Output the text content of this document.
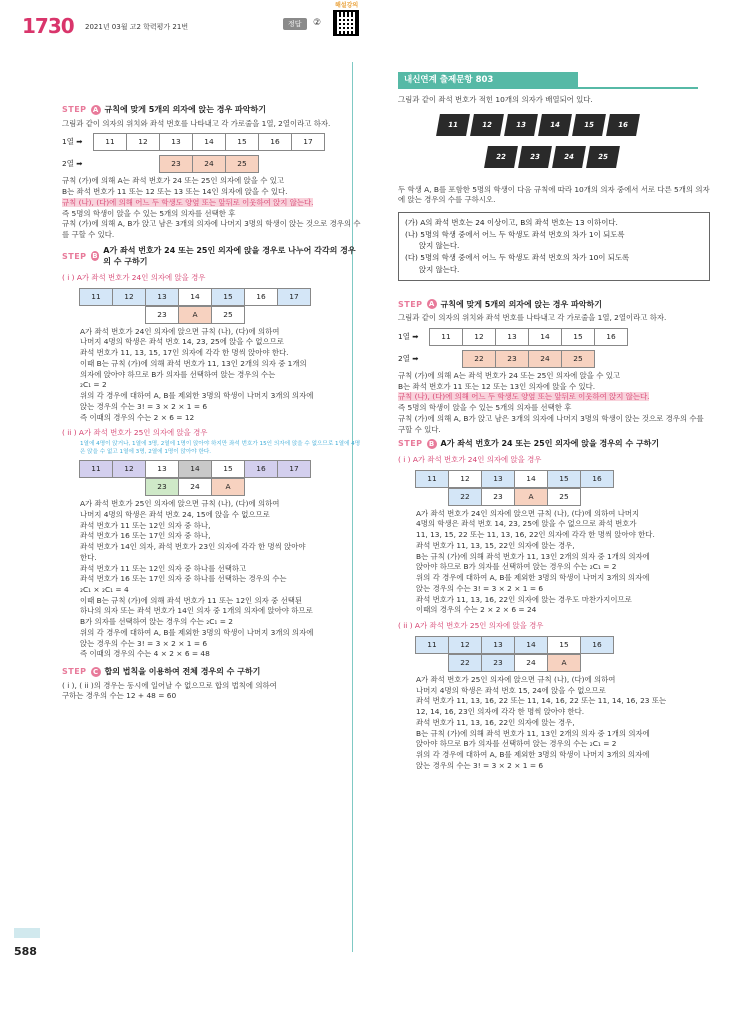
1730 2021년 03월 고2 학력평가 21번	정답	②
해설강의
STEP A 규칙에 맞게 5개의 의자에 앉는 경우 파악하기
그림과 같이 의자의 위치와 좌석 번호를 나타내고 각 가로줄을 1열, 2열이라고 하자.
1열 ➡	11	12	13	14	15	16	17
2열 ➡	23	24	25
규칙 (가)에 의해 A는 좌석 번호가 24 또는 25인 의자에 앉을 수 있고
B는 좌석 번호가 11 또는 12 또는 13 또는 14인 의자에 앉을 수 있다.
규칙 (나), (다)에 의해 어느 두 학생도 양옆 또는 앞뒤로 이웃하여 앉지 않는다.
즉 5명의 학생이 앉을 수 있는 5개의 의자를 선택한 후
규칙 (가)에 의해 A, B가 앉고 남은 3개의 의자에 나머지 3명의 학생이 앉는 것으로 경우의 수를 구할 수 있다.
STEP B
A가 좌석 번호가 24 또는 25인 의자에 앉을 경우로 나누어 각각의 경우의 수 구하기
( i ) A가 좌석 번호가 24인 의자에 앉을 경우
11	12	13	14	15	16	17
23	A	25
A가 좌석 번호가 24인 의자에 앉으면 규칙 (나), (다)에 의하여
나머지 4명의 학생은 좌석 번호 14, 23, 25에 앉을 수 없으므로
좌석 번호가 11, 13, 15, 17인 의자에 각각 한 명씩 앉아야 한다.
이때 B는 규칙 (가)에 의해 좌석 번호가 11, 13인 2개의 의자 중 1개의
의자에 앉아야 하므로 B가 의자를 선택하여 앉는 경우의 수는
₂C₁ = 2
위의 각 경우에 대하여 A, B를 제외한 3명의 학생이 나머지 3개의 의자에
앉는 경우의 수는 3! = 3 × 2 × 1 = 6
즉 이때의 경우의 수는 2 × 6 = 12
( ii ) A가 좌석 번호가 25인 의자에 앉을 경우
1열에 4명이 앉거나, 1열에 3명, 2열에 1명이 앉아야 하지만 좌석 번호가 15인 의자에 앉을 수 없으므로 1열에 4명은 앉을 수 없고 1열에 3명, 2열에 1명이 앉아야 한다.
11	12	13	14	15	16	17
23	24	A
A가 좌석 번호가 25인 의자에 앉으면 규칙 (나), (다)에 의하여
나머지 4명의 학생은 좌석 번호 24, 15에 앉을 수 없으므로
좌석 번호가 11 또는 12인 의자 중 하나,
좌석 번호가 16 또는 17인 의자 중 하나,
좌석 번호가 14인 의자, 좌석 번호가 23인 의자에 각각 한 명씩 앉아야
한다.
좌석 번호가 11 또는 12인 의자 중 하나를 선택하고
좌석 번호가 16 또는 17인 의자 중 하나를 선택하는 경우의 수는
₂C₁ × ₂C₁ = 4
이때 B는 규칙 (가)에 의해 좌석 번호가 11 또는 12인 의자 중 선택된
하나의 의자 또는 좌석 번호가 14인 의자 중 1개의 의자에 앉아야 하므로
B가 의자를 선택하여 앉는 경우의 수는 ₂C₁ = 2
위의 각 경우에 대하여 A, B를 제외한 3명의 학생이 나머지 3개의 의자에
앉는 경우의 수는 3! = 3 × 2 × 1 = 6
즉 이때의 경우의 수는 4 × 2 × 6 = 48
STEP C 합의 법칙을 이용하여 전체 경우의 수 구하기
( i ), ( ii )의 경우는 동시에 일어날 수 없으므로 합의 법칙에 의하여
구하는 경우의 수는 12 + 48 = 60
내신연계 출제문항 803
그림과 같이 좌석 번호가 적힌 10개의 의자가 배열되어 있다.
11	12	13	14	15	16
22	23	24	25
두 학생 A, B를 포함한 5명의 학생이 다음 규칙에 따라 10개의 의자 중에서 서로 다른 5개의 의자에 앉는 경우의 수를 구하시오.
(가) A의 좌석 번호는 24 이상이고, B의 좌석 번호는 13 이하이다.
(나) 5명의 학생 중에서 어느 두 학생도 좌석 번호의 차가 1이 되도록
앉지 않는다.
(다) 5명의 학생 중에서 어느 두 학생도 좌석 번호의 차가 10이 되도록
앉지 않는다.
STEP A 규칙에 맞게 5개의 의자에 앉는 경우 파악하기
그림과 같이 의자의 위치와 좌석 번호를 나타내고 각 가로줄을 1열, 2열이라고 하자.
1열 ➡	11	12	13	14	15	16
2열 ➡	22	23	24	25
규칙 (가)에 의해 A는 좌석 번호가 24 또는 25인 의자에 앉을 수 있고
B는 좌석 번호가 11 또는 12 또는 13인 의자에 앉을 수 있다.
규칙 (나), (다)에 의해 어느 두 학생도 양옆 또는 앞뒤로 이웃하여 앉지 않는다.
즉 5명의 학생이 앉을 수 있는 5개의 의자를 선택한 후
규칙 (가)에 의해 A, B가 앉고 남은 3개의 의자에 나머지 3명의 학생이 앉는 것으로 경우의 수를 구할 수 있다.
STEP B A가 좌석 번호가 24 또는 25인 의자에 앉을 경우의 수 구하기
( i ) A가 좌석 번호가 24인 의자에 앉을 경우
11	12	13	14	15	16
22	23	A	25
A가 좌석 번호가 24인 의자에 앉으면 규칙 (나), (다)에 의하여 나머지
4명의 학생은 좌석 번호 14, 23, 25에 앉을 수 없으므로 좌석 번호가
11, 13, 15, 22 또는 11, 13, 16, 22인 의자에 각각 한 명씩 앉아야 한다.
좌석 번호가 11, 13, 15, 22인 의자에 앉는 경우,
B는 규칙 (가)에 의해 좌석 번호가 11, 13인 2개의 의자 중 1개의 의자에
앉아야 하므로 B가 의자를 선택하여 앉는 경우의 수는 ₂C₁ = 2
위의 각 경우에 대하여 A, B를 제외한 3명의 학생이 나머지 3개의 의자에
앉는 경우의 수는 3! = 3 × 2 × 1 = 6
좌석 번호가 11, 13, 16, 22인 의자에 앉는 경우도 마찬가지이므로
이때의 경우의 수는 2 × 2 × 6 = 24
( ii ) A가 좌석 번호가 25인 의자에 앉을 경우
11	12	13	14	15	16
22	23	24	A
A가 좌석 번호가 25인 의자에 앉으면 규칙 (나), (다)에 의하여
나머지 4명의 학생은 좌석 번호 15, 24에 앉을 수 없으므로
좌석 번호가 11, 13, 16, 22 또는 11, 14, 16, 22 또는 11, 14, 16, 23 또는
12, 14, 16, 23인 의자에 각각 한 명씩 앉아야 한다.
좌석 번호가 11, 13, 16, 22인 의자에 앉는 경우,
B는 규칙 (가)에 의해 좌석 번호가 11, 13인 2개의 의자 중 1개의 의자에
앉아야 하므로 B가 의자를 선택하여 앉는 경우의 수는 ₂C₁ = 2
위의 각 경우에 대하여 A, B를 제외한 3명의 학생이 나머지 3개의 의자에
앉는 경우의 수는 3! = 3 × 2 × 1 = 6
588
